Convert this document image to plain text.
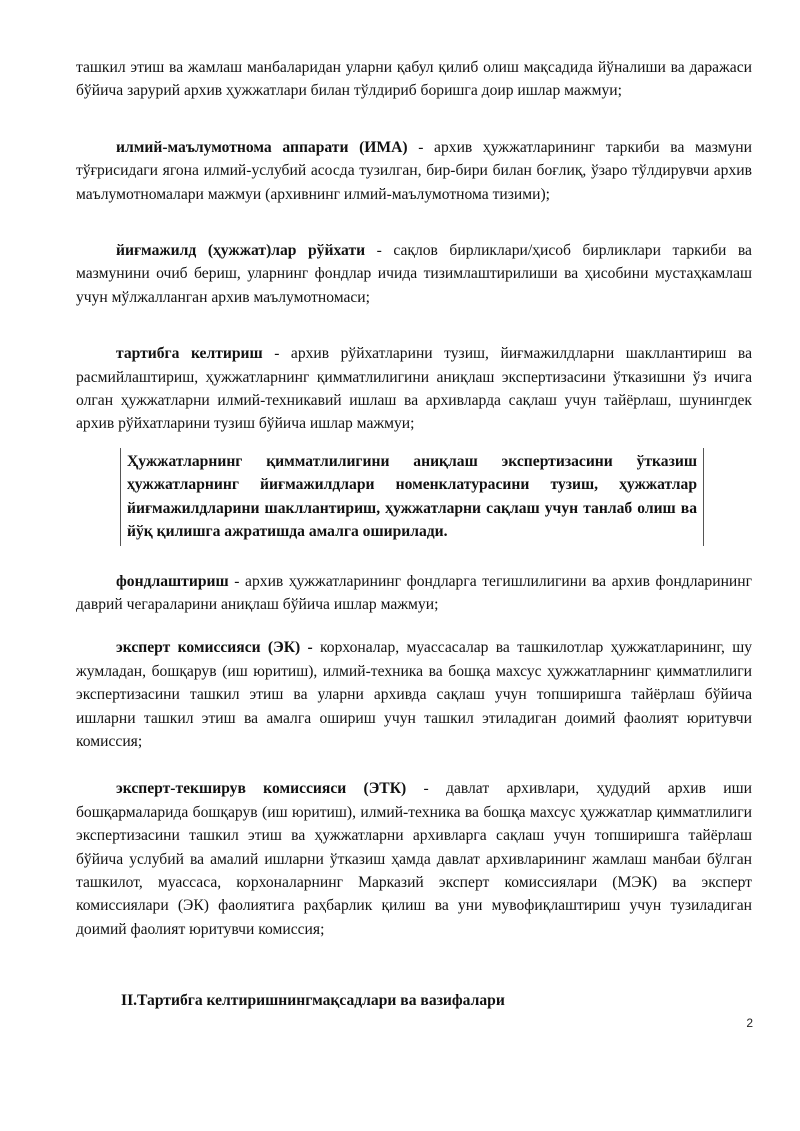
ташкил этиш ва жамлаш манбаларидан уларни қабул қилиб олиш мақсадида йўналиши ва даражаси бўйича зарурий архив ҳужжатлари билан тўлдириб боришга доир ишлар мажмуи;

илмий-маълумотнома аппарати (ИМА) - архив ҳужжатларининг таркиби ва мазмуни тўғрисидаги ягона илмий-услубий асосда тузилган, бир-бири билан боғлиқ, ўзаро тўлдирувчи архив маълумотномалари мажмуи (архивнинг илмий-маълумотнома тизими);

йиғмажилд (ҳужжат)лар рўйхати - сақлов бирликлари/ҳисоб бирликлари таркиби ва мазмунини очиб бериш, уларнинг фондлар ичида тизимлаштирилиши ва ҳисобини мустаҳкамлаш учун мўлжалланган архив маълумотномаси;

тартибга келтириш - архив рўйхатларини тузиш, йиғмажилдларни шакллантириш ва расмийлаштириш, ҳужжатларнинг қимматлилигини аниқлаш экспертизасини ўтказишни ўз ичига олган ҳужжатларни илмий-техникавий ишлаш ва архивларда сақлаш учун тайёрлаш, шунингдек архив рўйхатларини тузиш бўйича ишлар мажмуи;

Ҳужжатларнинг қимматлилигини аниқлаш экспертизасини ўтказиш ҳужжатларнинг йиғмажилдлари номенклатурасини тузиш, ҳужжатлар йиғмажилдларини шакллантириш, ҳужжатларни сақлаш учун танлаб олиш ва йўқ қилишга ажратишда амалга оширилади.

фондлаштириш - архив ҳужжатларининг фондларга тегишлилигини ва архив фондларининг даврий чегараларини аниқлаш бўйича ишлар мажмуи;

эксперт комиссияси (ЭК) - корхоналар, муассасалар ва ташкилотлар ҳужжатларининг, шу жумладан, бошқарув (иш юритиш), илмий-техника ва бошқа махсус ҳужжатларнинг қимматлилиги экспертизасини ташкил этиш ва уларни архивда сақлаш учун топширишга тайёрлаш бўйича ишларни ташкил этиш ва амалга ошириш учун ташкил этиладиган доимий фаолият юритувчи комиссия;

эксперт-текширув комиссияси (ЭТК) - давлат архивлари, ҳудудий архив иши бошқармаларида бошқарув (иш юритиш), илмий-техника ва бошқа махсус ҳужжатлар қимматлилиги экспертизасини ташкил этиш ва ҳужжатларни архивларга сақлаш учун топширишга тайёрлаш бўйича услубий ва амалий ишларни ўтказиш ҳамда давлат архивларининг жамлаш манбаи бўлган ташкилот, муассаса, корхоналарнинг Марказий эксперт комиссиялари (МЭК) ва эксперт комиссиялари (ЭК) фаолиятига раҳбарлик қилиш ва уни мувофиқлаштириш учун тузиладиган доимий фаолият юритувчи комиссия;

II.Тартибга келтиришнингмақсадлари ва вазифалари
2
